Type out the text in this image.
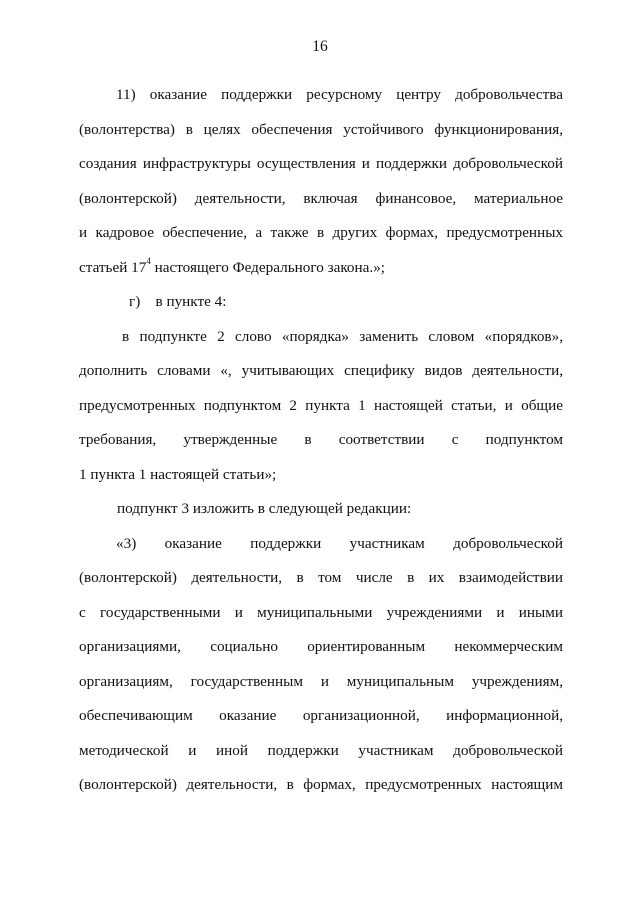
16
11) оказание поддержки ресурсному центру добровольчества
(волонтерства) в целях обеспечения устойчивого функционирования,
создания инфраструктуры осуществления и поддержки добровольческой
(волонтерской) деятельности, включая финансовое, материальное
и кадровое обеспечение, а также в других формах, предусмотренных
статьей $17^4$ настоящего Федерального закона.»;
г)    в пункте 4:
в подпункте 2 слово «порядка» заменить словом «порядков»,
дополнить словами «, учитывающих специфику видов деятельности,
предусмотренных подпунктом 2 пункта 1 настоящей статьи, и общие
требования, утвержденные в соответствии с подпунктом
1 пункта 1 настоящей статьи»;
подпункт 3 изложить в следующей редакции:
«3) оказание поддержки участникам добровольческой
(волонтерской) деятельности, в том числе в их взаимодействии
с государственными и муниципальными учреждениями и иными
организациями, социально ориентированным некоммерческим
организациям, государственным и муниципальным учреждениям,
обеспечивающим оказание организационной, информационной,
методической и иной поддержки участникам добровольческой
(волонтерской) деятельности, в формах, предусмотренных настоящим
